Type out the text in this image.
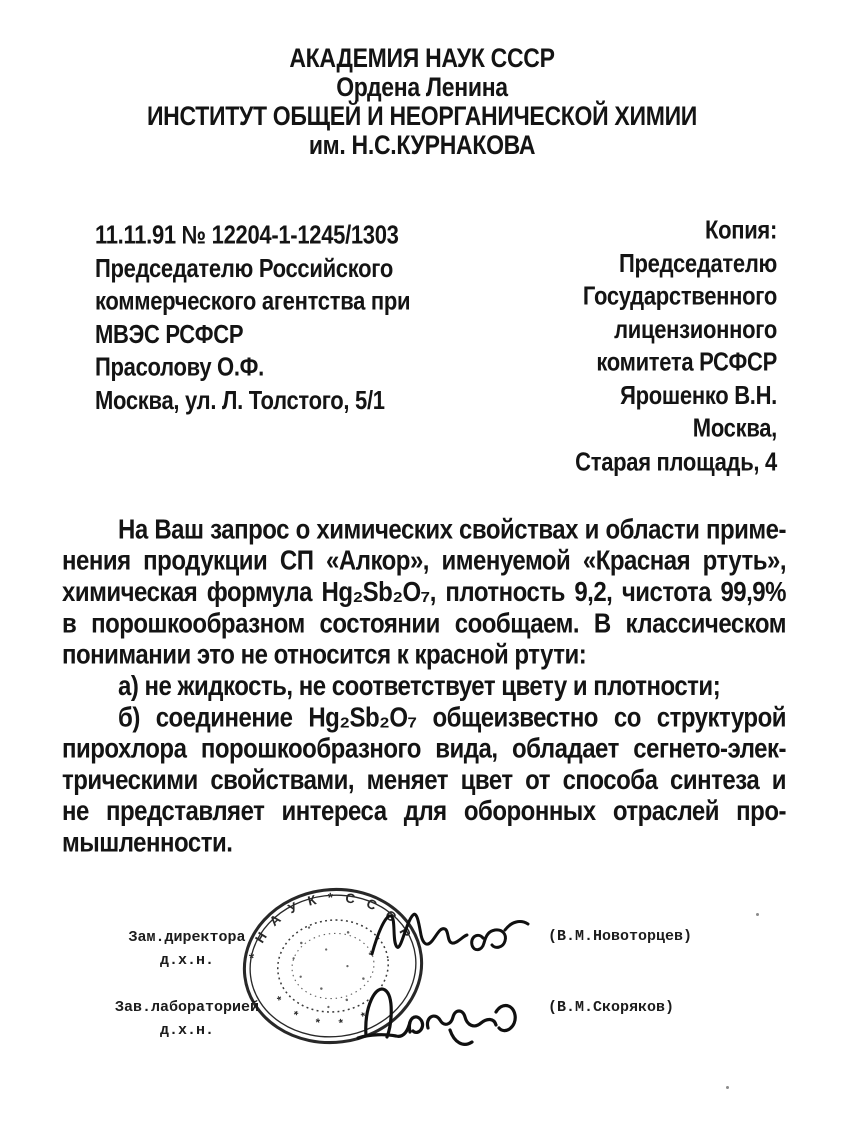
АКАДЕМИЯ НАУК СССР
Ордена Ленина
ИНСТИТУТ ОБЩЕЙ И НЕОРГАНИЧЕСКОЙ ХИМИИ
им. Н.С.КУРНАКОВА
11.11.91 № 12204-1-1245/1303
Председателю Российского
коммерческого агентства при
МВЭС РСФСР
Прасолову О.Ф.
Москва, ул. Л. Толстого, 5/1
Копия:
Председателю
Государственного
лицензионного
комитета РСФСР
Ярошенко В.Н.
Москва,
Старая площадь, 4
На Ваш запрос о химических свойствах и области приме-
нения продукции СП «Алкор», именуемой «Красная ртуть»,
химическая формула Hg₂Sb₂O₇, плотность 9,2, чистота 99,9%
в порошкообразном состоянии сообщаем. В классическом
понимании это не относится к красной ртути:
а) не жидкость, не соответствует цвету и плотности;
б) соединение Hg₂Sb₂O₇ общеизвестно со структурой
пирохлора порошкообразного вида, обладает сегнето-элек-
трическими свойствами, меняет цвет от способа синтеза и
не представляет интереса для оборонных отраслей про-
мышленности.
Зам.директора
д.х.н.
Зав.лабораторией
д.х.н.
* Н А У К * С С С Р
* * * * *
(В.М.Новоторцев)
(В.М.Скоряков)
